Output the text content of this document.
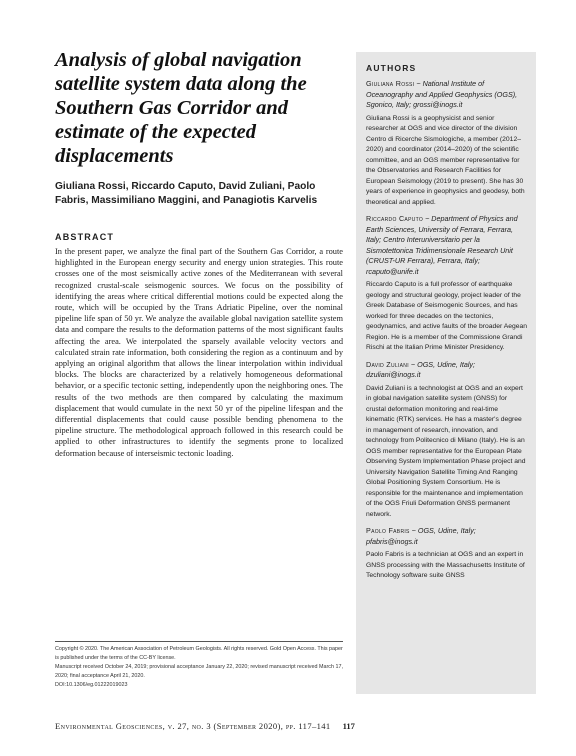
Analysis of global navigation satellite system data along the Southern Gas Corridor and estimate of the expected displacements
Giuliana Rossi, Riccardo Caputo, David Zuliani, Paolo Fabris, Massimiliano Maggini, and Panagiotis Karvelis
ABSTRACT
In the present paper, we analyze the final part of the Southern Gas Corridor, a route highlighted in the European energy security and energy union strategies. This route crosses one of the most seismically active zones of the Mediterranean with several recognized crustal-scale seismogenic sources. We focus on the possibility of identifying the areas where critical differential motions could be expected along the route, which will be occupied by the Trans Adriatic Pipeline, over the nominal pipeline life span of 50 yr. We analyze the available global navigation satellite system data and compare the results to the deformation patterns of the most significant faults affecting the area. We interpolated the sparsely available velocity vectors and calculated strain rate information, both considering the region as a continuum and by applying an original algorithm that allows the linear interpolation within individual blocks. The blocks are characterized by a relatively homogeneous deformational behavior, or a specific tectonic setting, independently upon the neighboring ones. The results of the two methods are then compared by calculating the maximum displacement that would cumulate in the next 50 yr of the pipeline lifespan and the differential displacements that could cause possible bending phenomena to the pipeline structure. The methodological approach followed in this research could be applied to other infrastructures to identify the segments prone to localized deformation because of interseismic tectonic loading.

Copyright © 2020. The American Association of Petroleum Geologists. All rights reserved. Gold Open Access. This paper is published under the terms of the CC-BY license.

Manuscript received October 24, 2019; provisional acceptance January 22, 2020; revised manuscript received March 17, 2020; final acceptance April 21, 2020.

DOI:10.1306/eg.01222019023

AUTHORS
Giuliana Rossi ~ National Institute of Oceanography and Applied Geophysics (OGS), Sgonico, Italy; grossi@inogs.it
Giuliana Rossi is a geophysicist and senior researcher at OGS and vice director of the division Centro di Ricerche Sismologiche, a member (2012–2020) and coordinator (2014–2020) of the scientific committee, and an OGS member representative for the Observatories and Research Facilities for European Seismology (2019 to present). She has 30 years of experience in geophysics and geodesy, both theoretical and applied.
Riccardo Caputo ~ Department of Physics and Earth Sciences, University of Ferrara, Ferrara, Italy; Centro Interuniversitario per la Sismotettonica Tridimensionale Research Unit (CRUST-UR Ferrara), Ferrara, Italy; rcaputo@unife.it
Riccardo Caputo is a full professor of earthquake geology and structural geology, project leader of the Greek Database of Seismogenic Sources, and has worked for three decades on the tectonics, geodynamics, and active faults of the broader Aegean Region. He is a member of the Commissione Grandi Rischi at the Italian Prime Minister Presidency.
David Zuliani ~ OGS, Udine, Italy; dzuliani@inogs.it
David Zuliani is a technologist at OGS and an expert in global navigation satellite system (GNSS) for crustal deformation monitoring and real-time kinematic (RTK) services. He has a master's degree in management of research, innovation, and technology from Politecnico di Milano (Italy). He is an OGS member representative for the European Plate Observing System Implementation Phase project and University Navigation Satellite Timing And Ranging Global Positioning System Consortium. He is responsible for the maintenance and implementation of the OGS Friuli Deformation GNSS permanent network.
Paolo Fabris ~ OGS, Udine, Italy; pfabris@inogs.it
Paolo Fabris is a technician at OGS and an expert in GNSS processing with the Massachusetts Institute of Technology software suite GNSS
Environmental Geosciences, v. 27, no. 3 (September 2020), pp. 117–141 117
